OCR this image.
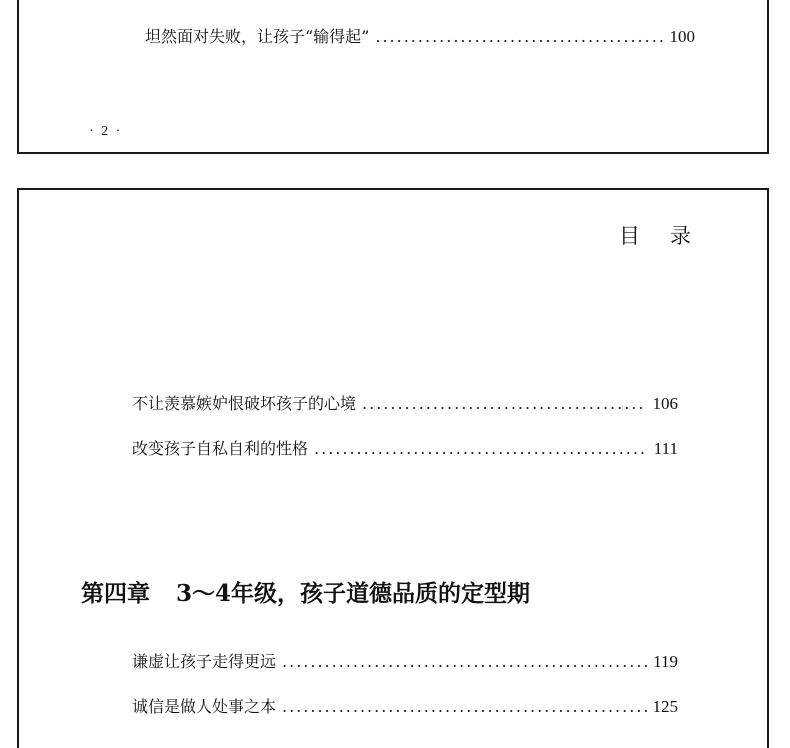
坦然面对失败，让孩子“输得起” .....	100
· 2 ·
目录
不让羡慕嫉妒恨破坏孩子的心境 .....	106
改变孩子自私自利的性格 .....	111
第四章 3～4年级，孩子道德品质的定型期
谦虚让孩子走得更远 .....	119
诚信是做人处事之本 .....	125
